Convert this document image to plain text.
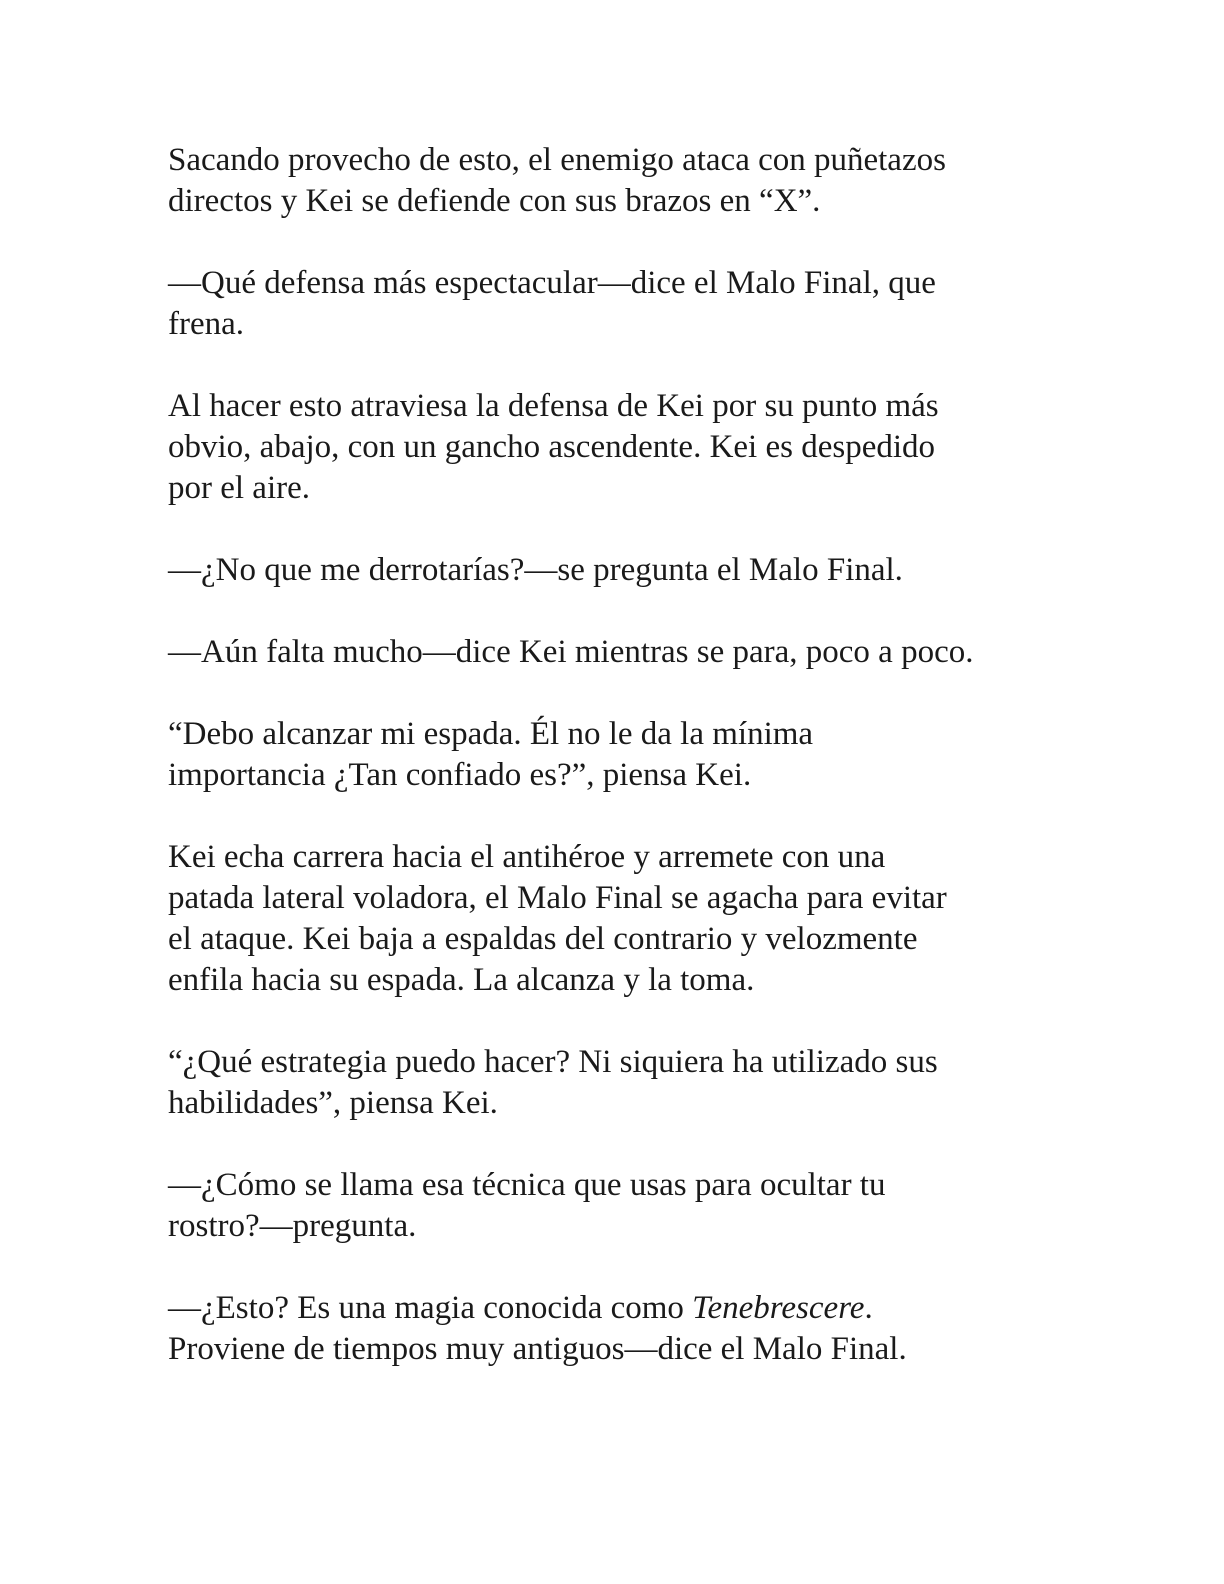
Sacando provecho de esto, el enemigo ataca con puñetazos
directos y Kei se defiende con sus brazos en “X”.

—Qué defensa más espectacular—dice el Malo Final, que
frena.

Al hacer esto atraviesa la defensa de Kei por su punto más
obvio, abajo, con un gancho ascendente. Kei es despedido
por el aire.

—¿No que me derrotarías?—se pregunta el Malo Final.

—Aún falta mucho—dice Kei mientras se para, poco a poco.

“Debo alcanzar mi espada. Él no le da la mínima
importancia ¿Tan confiado es?”, piensa Kei.

Kei echa carrera hacia el antihéroe y arremete con una
patada lateral voladora, el Malo Final se agacha para evitar
el ataque. Kei baja a espaldas del contrario y velozmente
enfila hacia su espada. La alcanza y la toma.

“¿Qué estrategia puedo hacer? Ni siquiera ha utilizado sus
habilidades”, piensa Kei.

—¿Cómo se llama esa técnica que usas para ocultar tu
rostro?—pregunta.

—¿Esto? Es una magia conocida como Tenebrescere.
Proviene de tiempos muy antiguos—dice el Malo Final.
